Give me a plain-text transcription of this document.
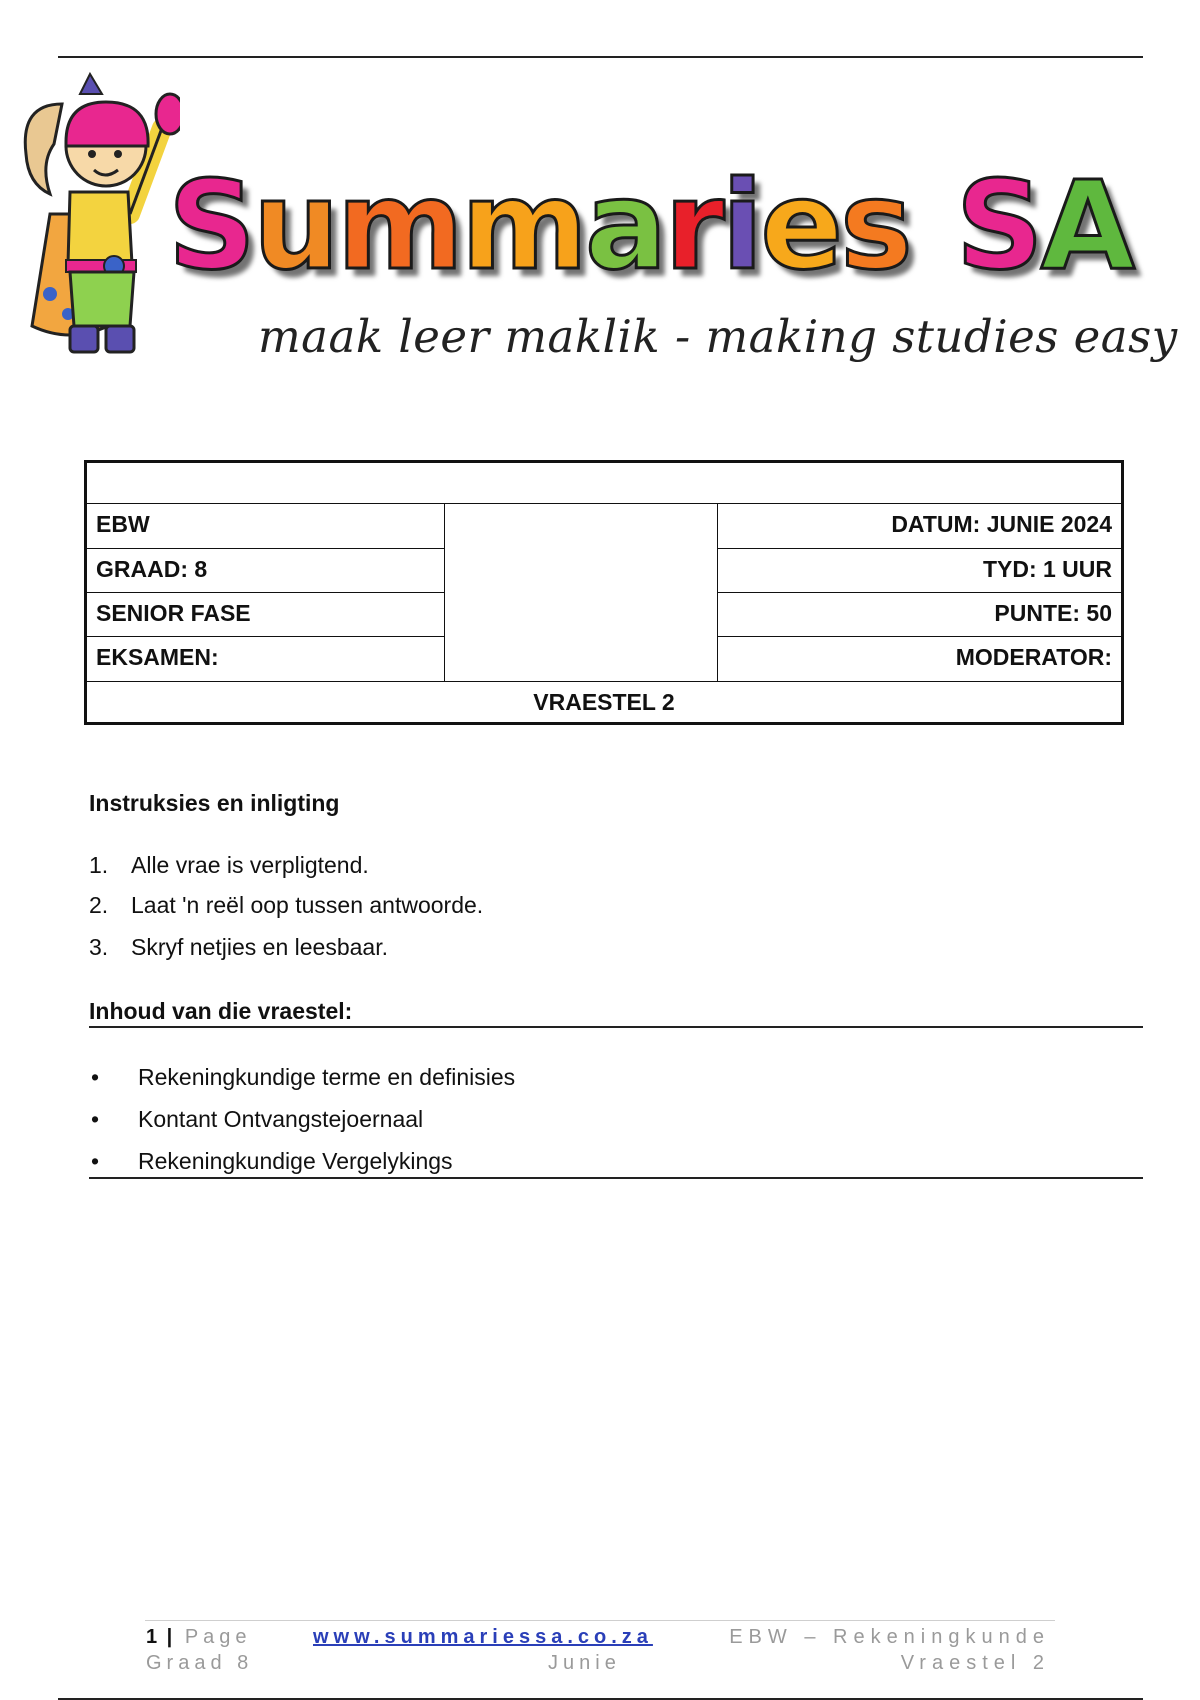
Summaries SA
maak leer maklik - making studies easy
EBW
GRAAD: 8
SENIOR FASE
EKSAMEN:
DATUM: JUNIE 2024
TYD: 1 UUR
PUNTE: 50
MODERATOR:
VRAESTEL 2
Instruksies en inligting
1. Alle vrae is verpligtend.
2. Laat 'n reël oop tussen antwoorde.
3. Skryf netjies en leesbaar.
Inhoud van die vraestel:
• Rekeningkundige terme en definisies
• Kontant Ontvangstejoernaal
• Rekeningkundige Vergelykings
1 | Page
Graad 8
www.summariessa.co.za
Junie
EBW – Rekeningkunde
Vraestel 2
